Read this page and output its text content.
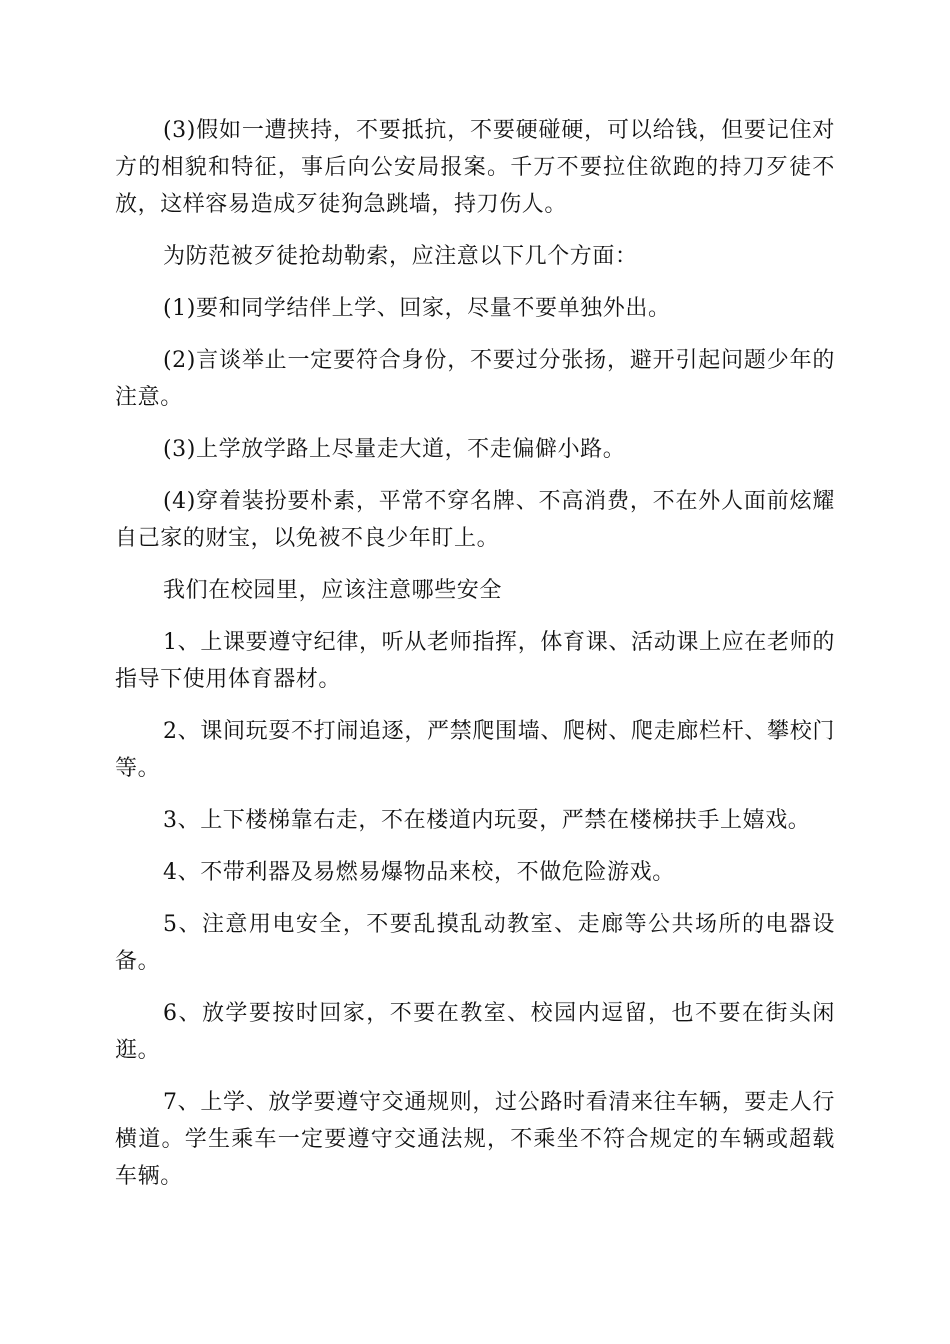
(3)假如一遭挟持，不要抵抗，不要硬碰硬，可以给钱，但要记住对方的相貌和特征，事后向公安局报案。千万不要拉住欲跑的持刀歹徒不放，这样容易造成歹徒狗急跳墙，持刀伤人。

为防范被歹徒抢劫勒索，应注意以下几个方面：

(1)要和同学结伴上学、回家，尽量不要单独外出。

(2)言谈举止一定要符合身份，不要过分张扬，避开引起问题少年的注意。

(3)上学放学路上尽量走大道，不走偏僻小路。

(4)穿着装扮要朴素，平常不穿名牌、不高消费，不在外人面前炫耀自己家的财宝，以免被不良少年盯上。

我们在校园里，应该注意哪些安全

1、上课要遵守纪律，听从老师指挥，体育课、活动课上应在老师的指导下使用体育器材。

2、课间玩耍不打闹追逐，严禁爬围墙、爬树、爬走廊栏杆、攀校门等。

3、上下楼梯靠右走，不在楼道内玩耍，严禁在楼梯扶手上嬉戏。

4、不带利器及易燃易爆物品来校，不做危险游戏。

5、注意用电安全，不要乱摸乱动教室、走廊等公共场所的电器设备。

6、放学要按时回家，不要在教室、校园内逗留，也不要在街头闲逛。

7、上学、放学要遵守交通规则，过公路时看清来往车辆，要走人行横道。学生乘车一定要遵守交通法规，不乘坐不符合规定的车辆或超载车辆。
